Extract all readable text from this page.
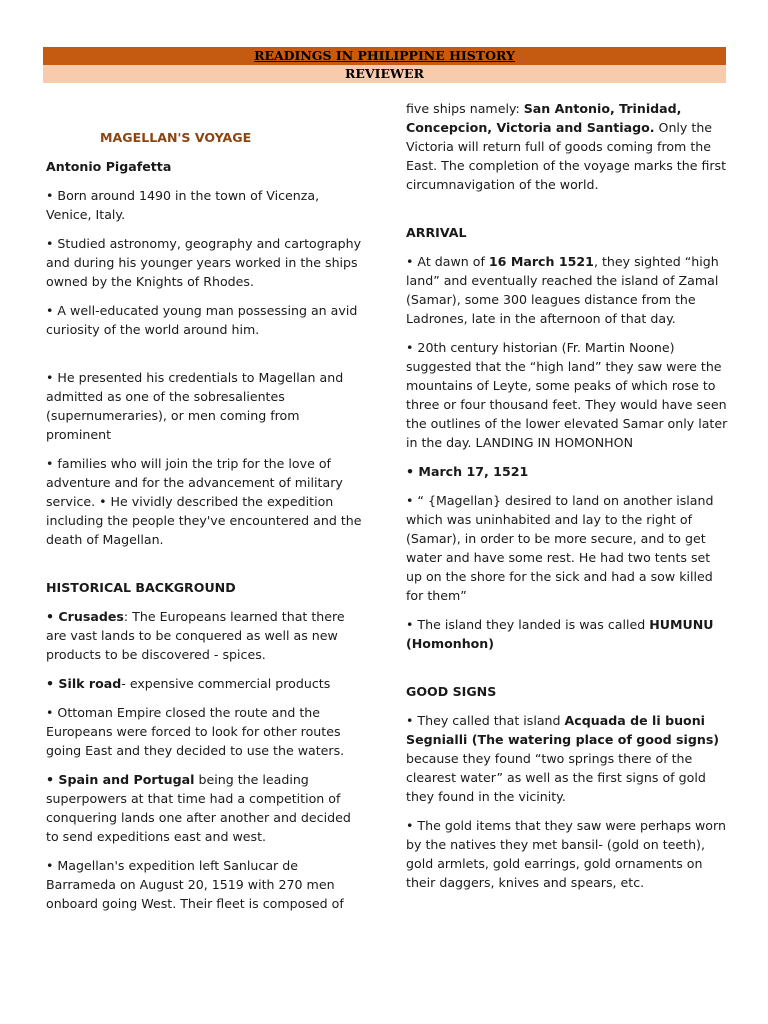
READINGS IN PHILIPPINE HISTORY
REVIEWER

MAGELLAN'S VOYAGE

Antonio Pigafetta

• Born around 1490 in the town of Vicenza, Venice, Italy.

• Studied astronomy, geography and cartography and during his younger years worked in the ships owned by the Knights of Rhodes.

• A well-educated young man possessing an avid curiosity of the world around him.

• He presented his credentials to Magellan and admitted as one of the sobresalientes (supernumeraries), or men coming from prominent

• families who will join the trip for the love of adventure and for the advancement of military service. • He vividly described the expedition including the people they've encountered and the death of Magellan.

HISTORICAL BACKGROUND

• Crusades: The Europeans learned that there are vast lands to be conquered as well as new products to be discovered - spices.

• Silk road- expensive commercial products

• Ottoman Empire closed the route and the Europeans were forced to look for other routes going East and they decided to use the waters.

• Spain and Portugal being the leading superpowers at that time had a competition of conquering lands one after another and decided to send expeditions east and west.

• Magellan's expedition left Sanlucar de Barrameda on August 20, 1519 with 270 men onboard going West. Their fleet is composed of

five ships namely: San Antonio, Trinidad, Concepcion, Victoria and Santiago. Only the Victoria will return full of goods coming from the East. The completion of the voyage marks the first circumnavigation of the world.

ARRIVAL

• At dawn of 16 March 1521, they sighted “high land” and eventually reached the island of Zamal (Samar), some 300 leagues distance from the Ladrones, late in the afternoon of that day.

• 20th century historian (Fr. Martin Noone) suggested that the “high land” they saw were the mountains of Leyte, some peaks of which rose to three or four thousand feet. They would have seen the outlines of the lower elevated Samar only later in the day. LANDING IN HOMONHON

• March 17, 1521

• “ {Magellan} desired to land on another island which was uninhabited and lay to the right of (Samar), in order to be more secure, and to get water and have some rest. He had two tents set up on the shore for the sick and had a sow killed for them”

• The island they landed is was called HUMUNU (Homonhon)

GOOD SIGNS

• They called that island Acquada de li buoni Segnialli (The watering place of good signs) because they found “two springs there of the clearest water” as well as the first signs of gold they found in the vicinity.

• The gold items that they saw were perhaps worn by the natives they met bansil- (gold on teeth), gold armlets, gold earrings, gold ornaments on their daggers, knives and spears, etc.
